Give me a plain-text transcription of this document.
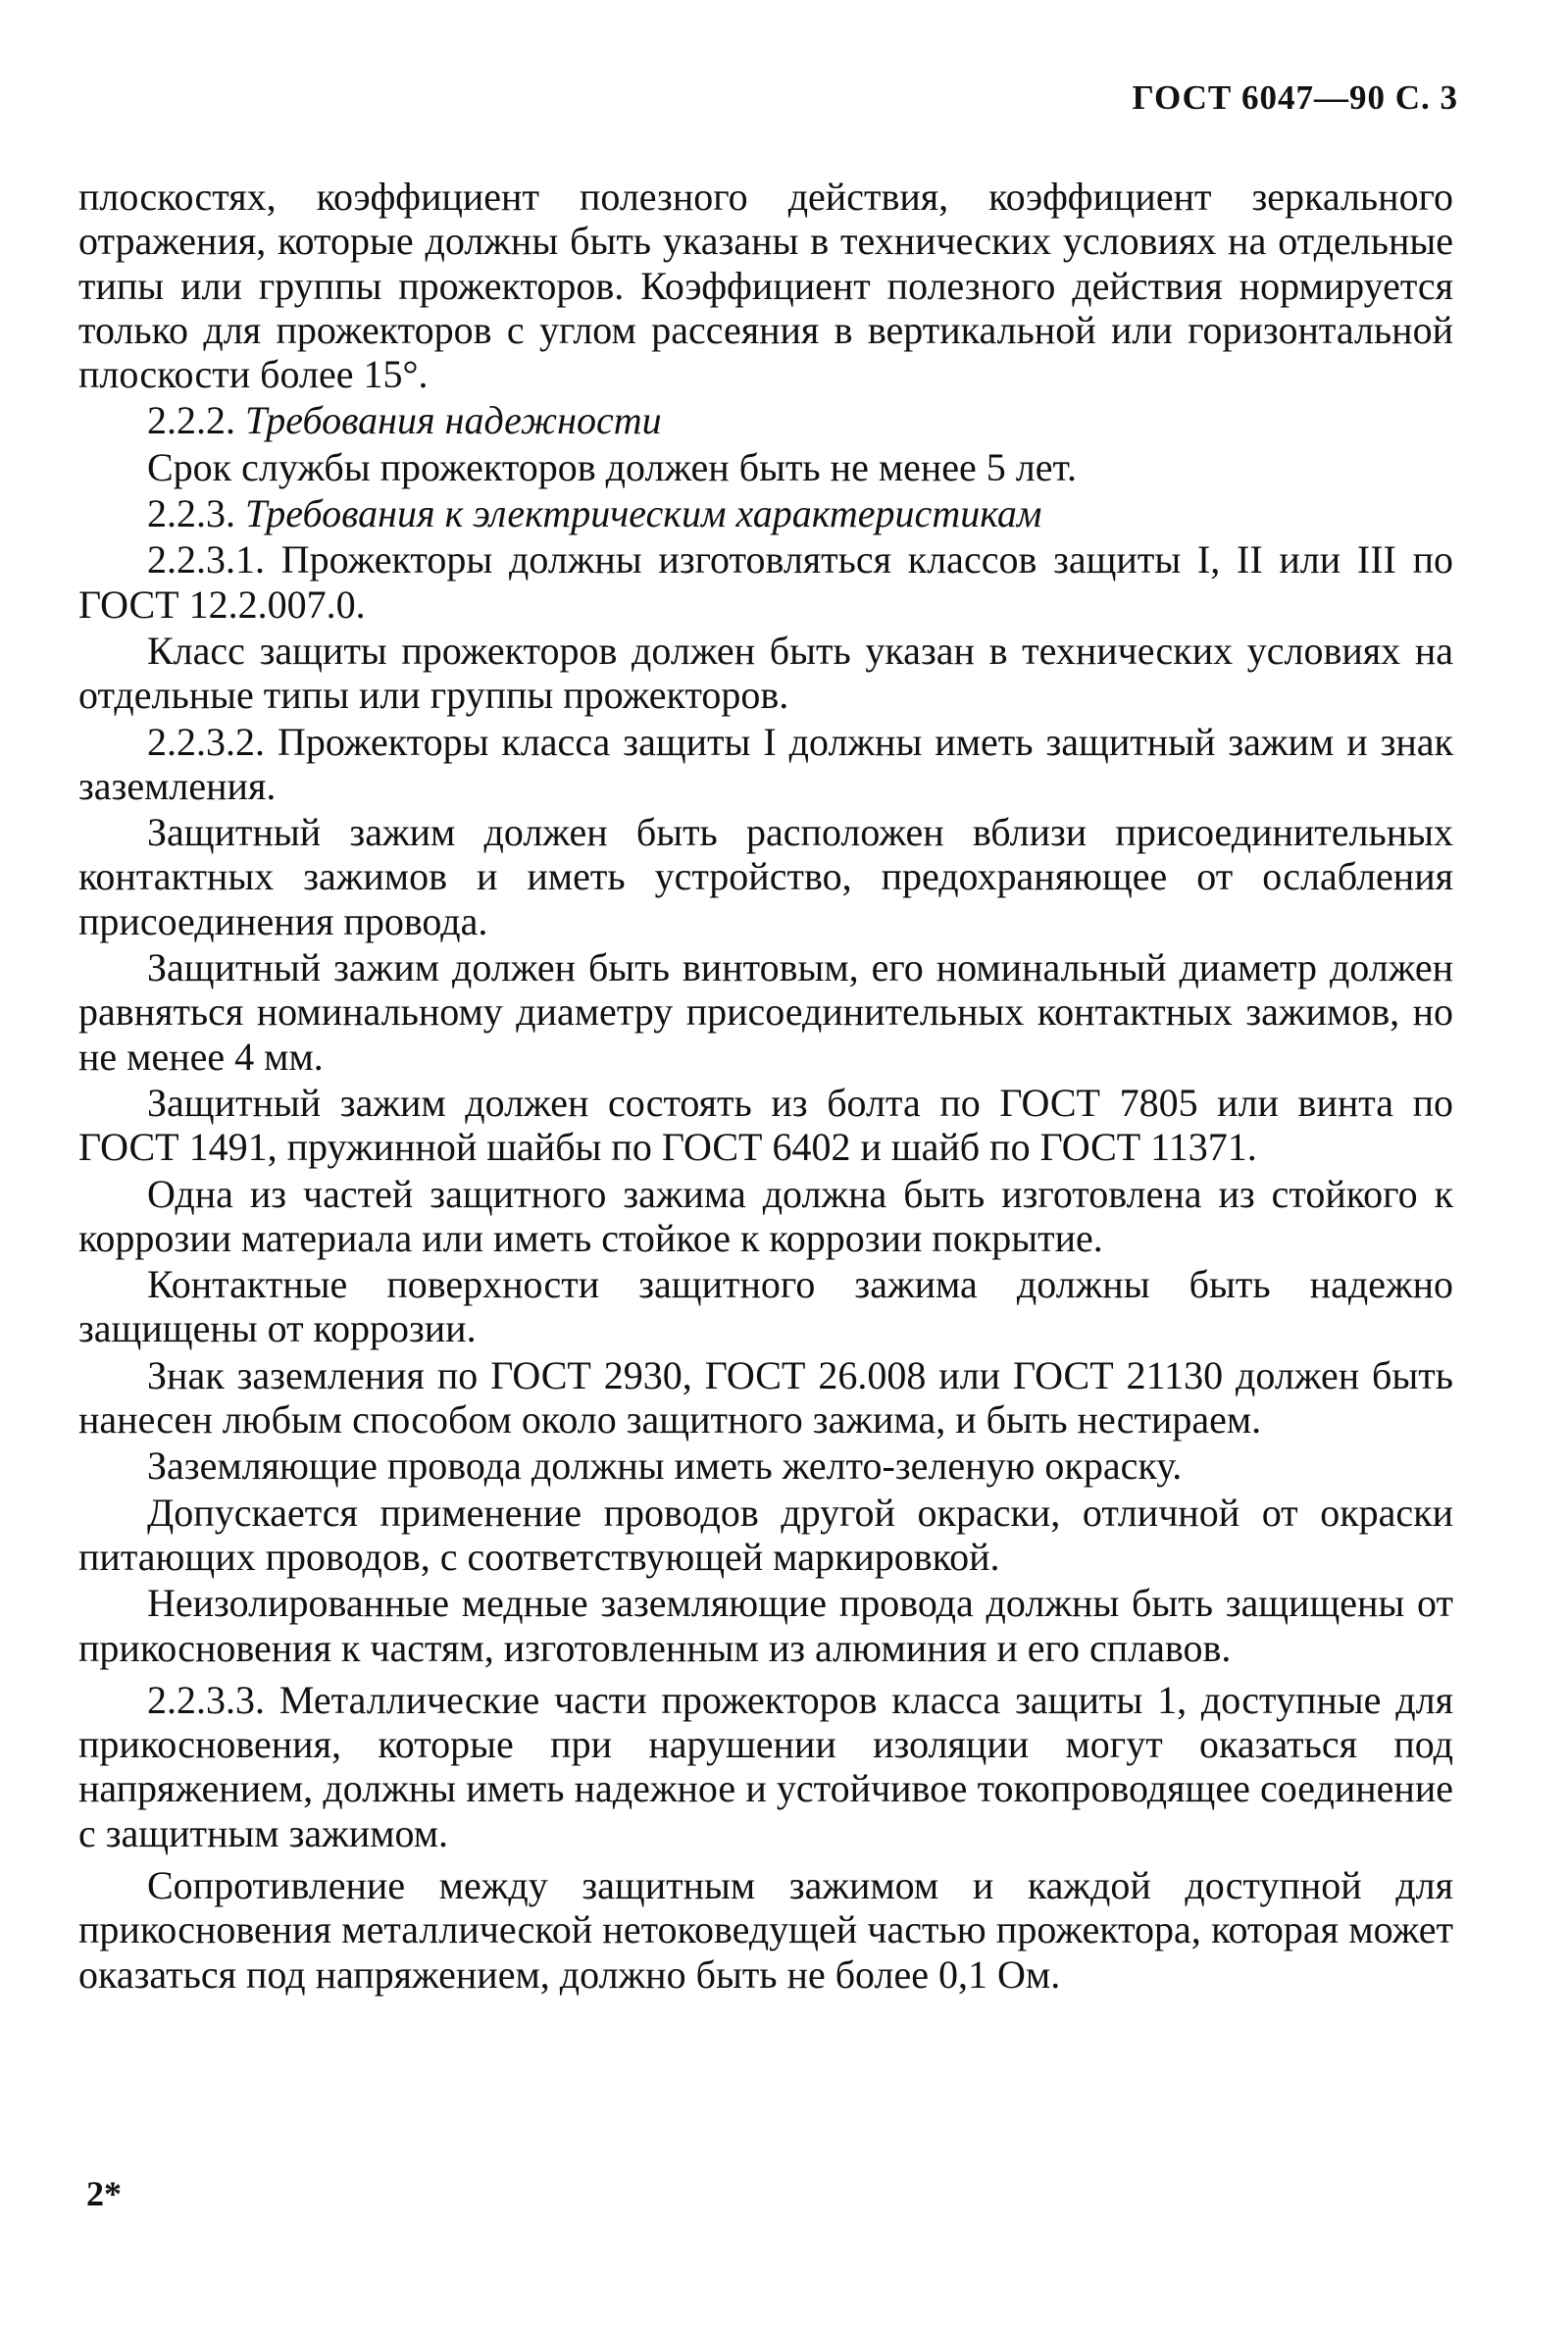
ГОСТ 6047—90 С. 3

плоскостях, коэффициент полезного действия, коэффициент зеркального отражения, которые должны быть указаны в технических условиях на отдельные типы или группы прожекторов. Коэффициент полезного действия нормируется только для прожекторов с углом рассеяния в вертикальной или горизонтальной плоскости более 15°.

2.2.2. Требования надежности

Срок службы прожекторов должен быть не менее 5 лет.

2.2.3. Требования к электрическим характеристикам

2.2.3.1. Прожекторы должны изготовляться классов защиты I, II или III по ГОСТ 12.2.007.0.

Класс защиты прожекторов должен быть указан в технических условиях на отдельные типы или группы прожекторов.

2.2.3.2. Прожекторы класса защиты I должны иметь защитный зажим и знак заземления.

Защитный зажим должен быть расположен вблизи присоединительных контактных зажимов и иметь устройство, предохраняющее от ослабления присоединения провода.

Защитный зажим должен быть винтовым, его номинальный диаметр должен равняться номинальному диаметру присоединительных контактных зажимов, но не менее 4 мм.

Защитный зажим должен состоять из болта по ГОСТ 7805 или винта по ГОСТ 1491, пружинной шайбы по ГОСТ 6402 и шайб по ГОСТ 11371.

Одна из частей защитного зажима должна быть изготовлена из стойкого к коррозии материала или иметь стойкое к коррозии покрытие.

Контактные поверхности защитного зажима должны быть надежно защищены от коррозии.

Знак заземления по ГОСТ 2930, ГОСТ 26.008 или ГОСТ 21130 должен быть нанесен любым способом около защитного зажима, и быть нестираем.

Заземляющие провода должны иметь желто-зеленую окраску.

Допускается применение проводов другой окраски, отличной от окраски питающих проводов, с соответствующей маркировкой.

Неизолированные медные заземляющие провода должны быть защищены от прикосновения к частям, изготовленным из алюминия и его сплавов.

2.2.3.3. Металлические части прожекторов класса защиты 1, доступные для прикосновения, которые при нарушении изоляции могут оказаться под напряжением, должны иметь надежное и устойчивое токопроводящее соединение с защитным зажимом.

Сопротивление между защитным зажимом и каждой доступной для прикосновения металлической нетоковедущей частью прожектора, которая может оказаться под напряжением, должно быть не более 0,1 Ом.

2*
